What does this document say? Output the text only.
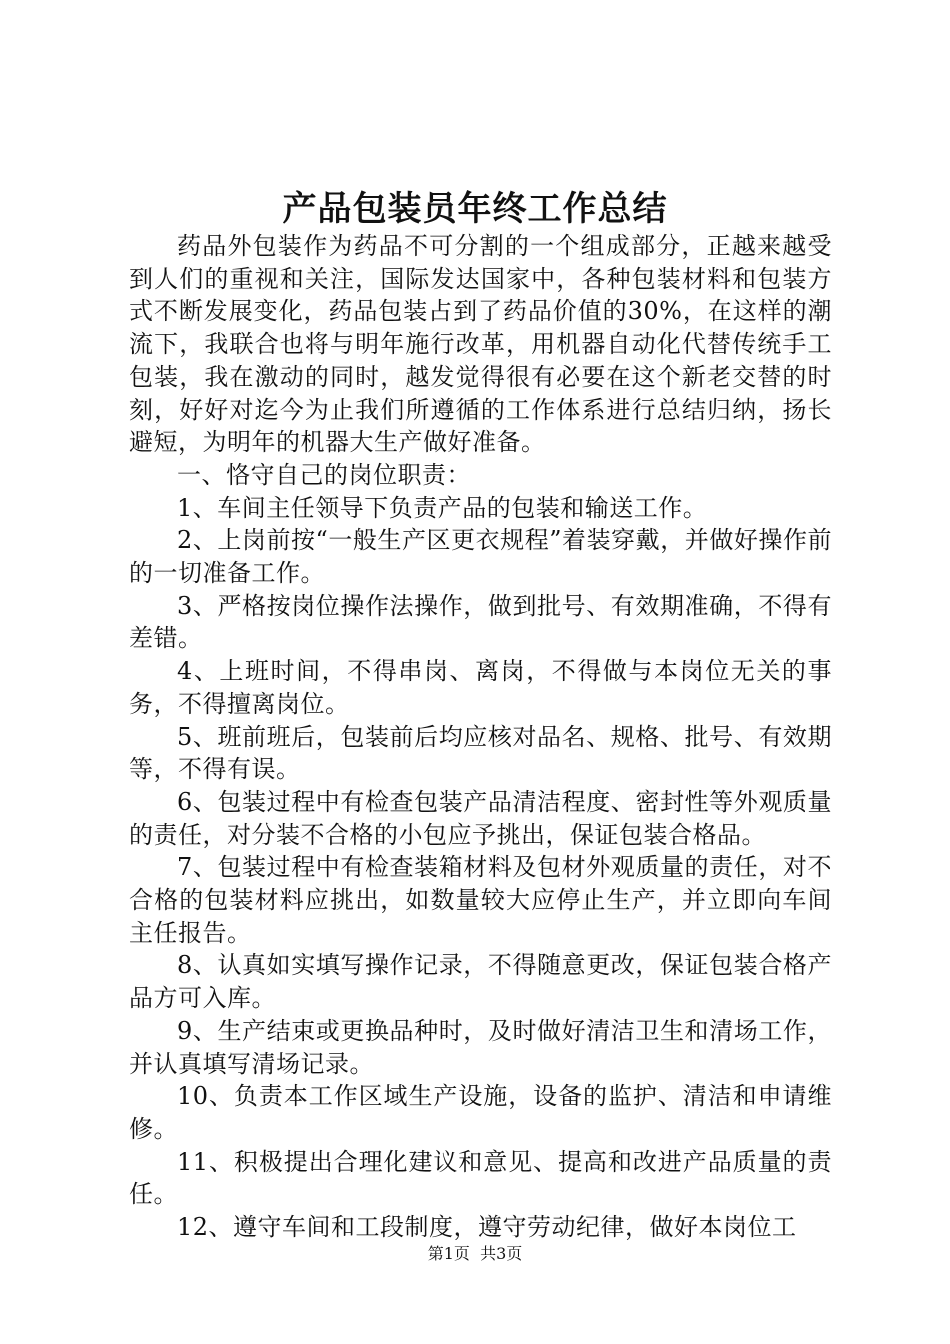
产品包装员年终工作总结

药品外包装作为药品不可分割的一个组成部分，正越来越受到人们的重视和关注，国际发达国家中，各种包装材料和包装方式不断发展变化，药品包装占到了药品价值的30%，在这样的潮流下，我联合也将与明年施行改革，用机器自动化代替传统手工包装，我在激动的同时，越发觉得很有必要在这个新老交替的时刻，好好对迄今为止我们所遵循的工作体系进行总结归纳，扬长避短，为明年的机器大生产做好准备。

一、恪守自己的岗位职责：

1、车间主任领导下负责产品的包装和输送工作。

2、上岗前按“一般生产区更衣规程”着装穿戴，并做好操作前的一切准备工作。

3、严格按岗位操作法操作，做到批号、有效期准确，不得有差错。

4、上班时间，不得串岗、离岗，不得做与本岗位无关的事务，不得擅离岗位。

5、班前班后，包装前后均应核对品名、规格、批号、有效期等，不得有误。

6、包装过程中有检查包装产品清洁程度、密封性等外观质量的责任，对分装不合格的小包应予挑出，保证包装合格品。

7、包装过程中有检查装箱材料及包材外观质量的责任，对不合格的包装材料应挑出，如数量较大应停止生产，并立即向车间主任报告。

8、认真如实填写操作记录，不得随意更改，保证包装合格产品方可入库。

9、生产结束或更换品种时，及时做好清洁卫生和清场工作，并认真填写清场记录。

10、负责本工作区域生产设施，设备的监护、清洁和申请维修。

11、积极提出合理化建议和意见、提高和改进产品质量的责任。

12、遵守车间和工段制度，遵守劳动纪律，做好本岗位工

第1页 共3页
